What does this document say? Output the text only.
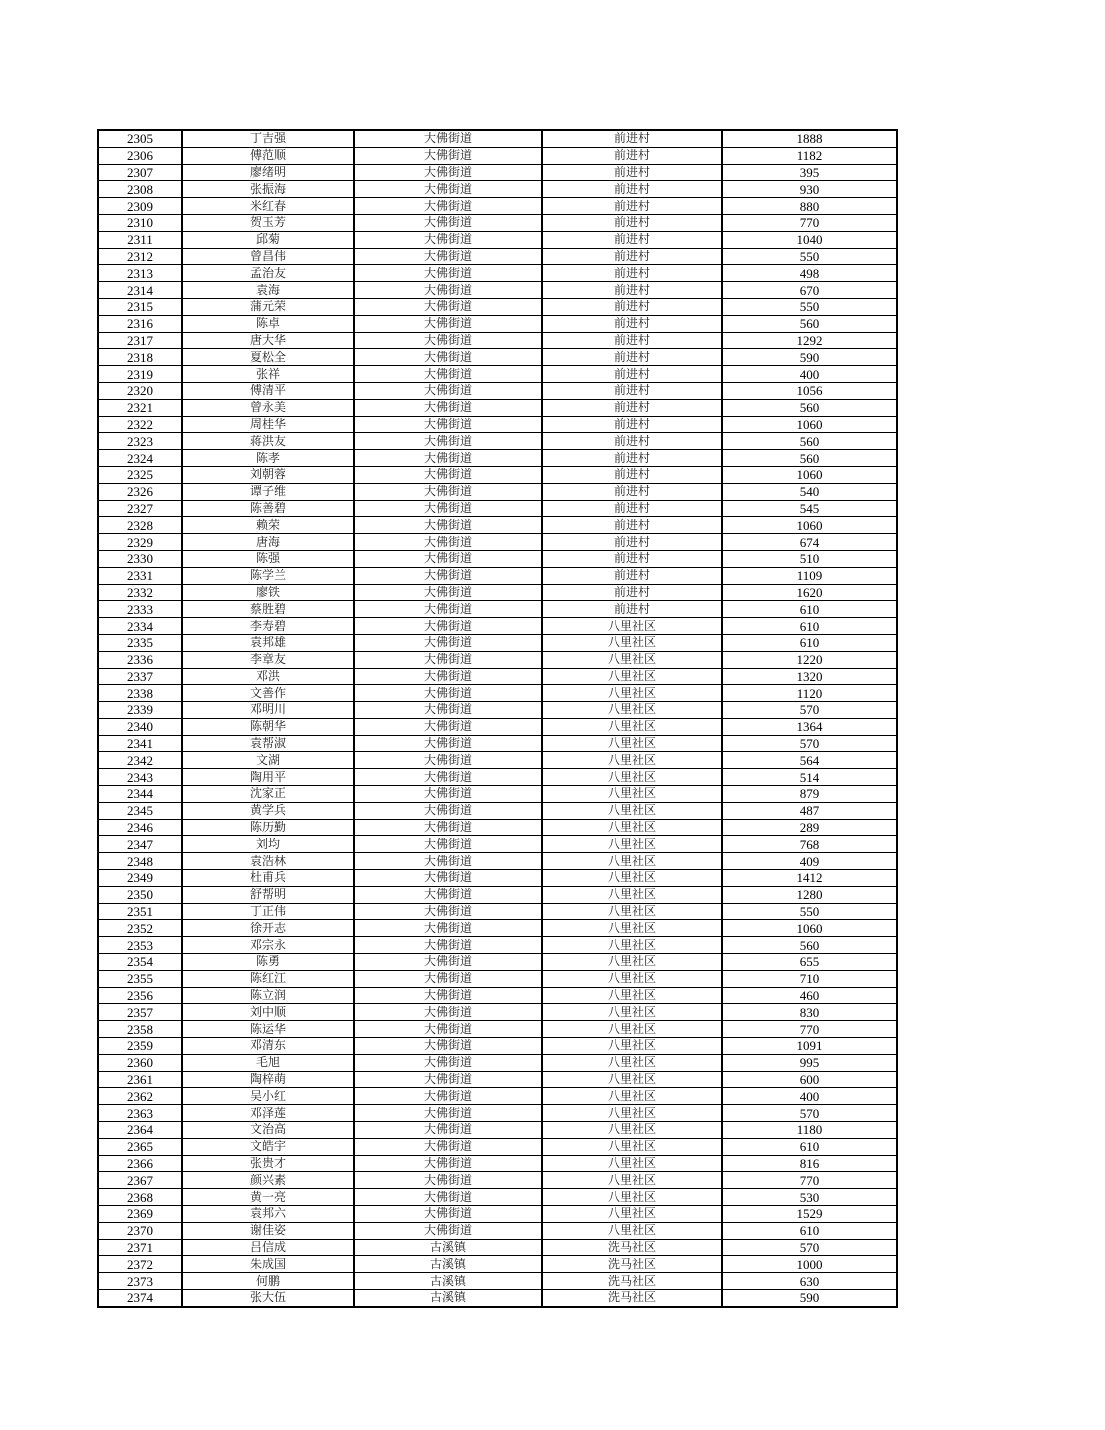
2305	丁吉强	大佛街道	前进村	1888
2306	傅范顺	大佛街道	前进村	1182
2307	廖绪明	大佛街道	前进村	395
2308	张振海	大佛街道	前进村	930
2309	米红春	大佛街道	前进村	880
2310	贺玉芳	大佛街道	前进村	770
2311	邱菊	大佛街道	前进村	1040
2312	曾昌伟	大佛街道	前进村	550
2313	孟治友	大佛街道	前进村	498
2314	袁海	大佛街道	前进村	670
2315	蒲元荣	大佛街道	前进村	550
2316	陈卓	大佛街道	前进村	560
2317	唐大华	大佛街道	前进村	1292
2318	夏松全	大佛街道	前进村	590
2319	张祥	大佛街道	前进村	400
2320	傅清平	大佛街道	前进村	1056
2321	曾永美	大佛街道	前进村	560
2322	周桂华	大佛街道	前进村	1060
2323	蒋洪友	大佛街道	前进村	560
2324	陈孝	大佛街道	前进村	560
2325	刘朝蓉	大佛街道	前进村	1060
2326	谭子维	大佛街道	前进村	540
2327	陈善碧	大佛街道	前进村	545
2328	赖荣	大佛街道	前进村	1060
2329	唐海	大佛街道	前进村	674
2330	陈强	大佛街道	前进村	510
2331	陈学兰	大佛街道	前进村	1109
2332	廖铁	大佛街道	前进村	1620
2333	蔡胜碧	大佛街道	前进村	610
2334	李寿碧	大佛街道	八里社区	610
2335	袁邦雄	大佛街道	八里社区	610
2336	李章友	大佛街道	八里社区	1220
2337	邓洪	大佛街道	八里社区	1320
2338	文善作	大佛街道	八里社区	1120
2339	邓明川	大佛街道	八里社区	570
2340	陈朝华	大佛街道	八里社区	1364
2341	袁帮淑	大佛街道	八里社区	570
2342	文湖	大佛街道	八里社区	564
2343	陶用平	大佛街道	八里社区	514
2344	沈家正	大佛街道	八里社区	879
2345	黄学兵	大佛街道	八里社区	487
2346	陈历勤	大佛街道	八里社区	289
2347	刘均	大佛街道	八里社区	768
2348	袁浩林	大佛街道	八里社区	409
2349	杜甫兵	大佛街道	八里社区	1412
2350	舒帮明	大佛街道	八里社区	1280
2351	丁正伟	大佛街道	八里社区	550
2352	徐开志	大佛街道	八里社区	1060
2353	邓宗永	大佛街道	八里社区	560
2354	陈勇	大佛街道	八里社区	655
2355	陈红江	大佛街道	八里社区	710
2356	陈立润	大佛街道	八里社区	460
2357	刘中顺	大佛街道	八里社区	830
2358	陈运华	大佛街道	八里社区	770
2359	邓清东	大佛街道	八里社区	1091
2360	毛旭	大佛街道	八里社区	995
2361	陶梓萌	大佛街道	八里社区	600
2362	吴小红	大佛街道	八里社区	400
2363	邓泽莲	大佛街道	八里社区	570
2364	文治高	大佛街道	八里社区	1180
2365	文皓宇	大佛街道	八里社区	610
2366	张贵才	大佛街道	八里社区	816
2367	颜兴素	大佛街道	八里社区	770
2368	黄一亮	大佛街道	八里社区	530
2369	袁邦六	大佛街道	八里社区	1529
2370	谢佳姿	大佛街道	八里社区	610
2371	吕信成	古溪镇	洗马社区	570
2372	朱成国	古溪镇	洗马社区	1000
2373	何鹏	古溪镇	洗马社区	630
2374	张大伍	古溪镇	洗马社区	590
